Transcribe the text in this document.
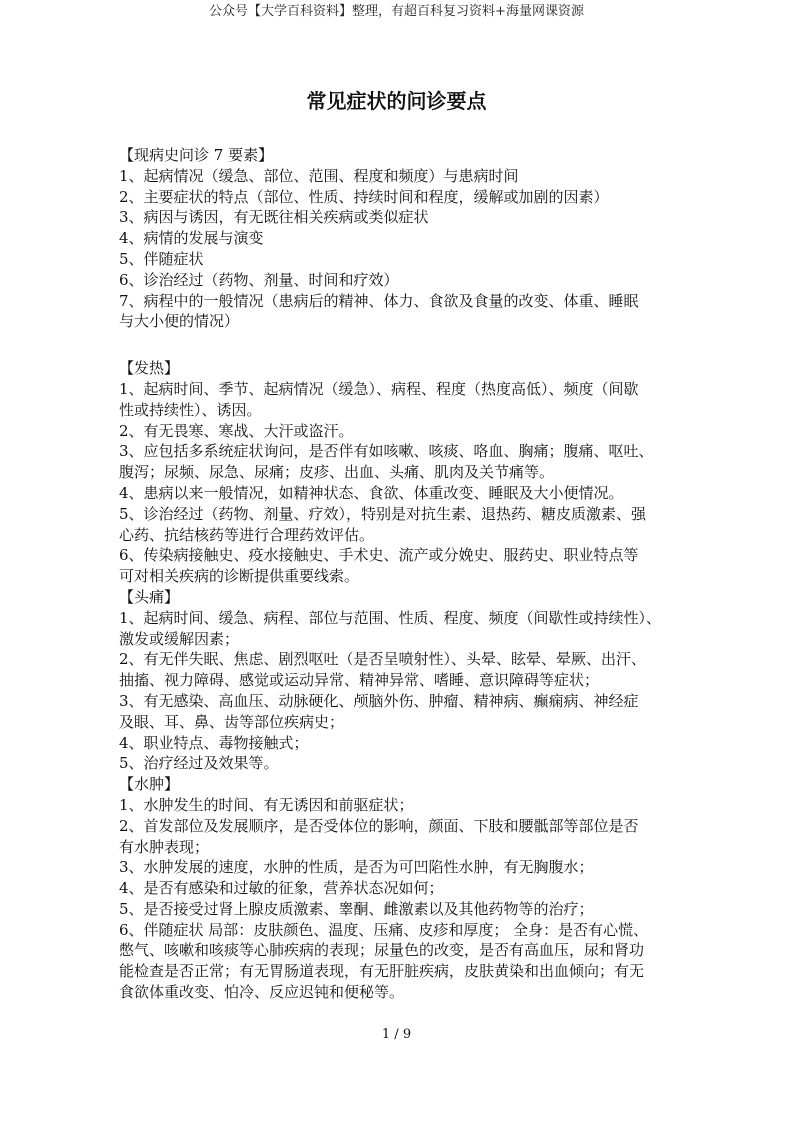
公众号【大学百科资料】整理，有超百科复习资料+海量网课资源
常见症状的问诊要点
【现病史问诊 7 要素】
1、起病情况（缓急、部位、范围、程度和频度）与患病时间
2、主要症状的特点（部位、性质、持续时间和程度，缓解或加剧的因素）
3、病因与诱因，有无既往相关疾病或类似症状
4、病情的发展与演变
5、伴随症状
6、诊治经过（药物、剂量、时间和疗效）
7、病程中的一般情况（患病后的精神、体力、食欲及食量的改变、体重、睡眠
与大小便的情况）
【发热】
1、起病时间、季节、起病情况（缓急）、病程、程度（热度高低）、频度（间歇
性或持续性）、诱因。
2、有无畏寒、寒战、大汗或盗汗。
3、应包括多系统症状询问，是否伴有如咳嗽、咳痰、咯血、胸痛；腹痛、呕吐、
腹泻；尿频、尿急、尿痛；皮疹、出血、头痛、肌肉及关节痛等。
4、患病以来一般情况，如精神状态、食欲、体重改变、睡眠及大小便情况。
5、诊治经过（药物、剂量、疗效），特别是对抗生素、退热药、糖皮质激素、强
心药、抗结核药等进行合理药效评估。
6、传染病接触史、疫水接触史、手术史、流产或分娩史、服药史、职业特点等
可对相关疾病的诊断提供重要线索。
【头痛】
1、起病时间、缓急、病程、部位与范围、性质、程度、频度（间歇性或持续性）、
激发或缓解因素；
2、有无伴失眠、焦虑、剧烈呕吐（是否呈喷射性）、头晕、眩晕、晕厥、出汗、
抽搐、视力障碍、感觉或运动异常、精神异常、嗜睡、意识障碍等症状；
3、有无感染、高血压、动脉硬化、颅脑外伤、肿瘤、精神病、癫痫病、神经症
及眼、耳、鼻、齿等部位疾病史；
4、职业特点、毒物接触式；
5、治疗经过及效果等。
【水肿】
1、水肿发生的时间、有无诱因和前驱症状；
2、首发部位及发展顺序，是否受体位的影响，颜面、下肢和腰骶部等部位是否
有水肿表现；
3、水肿发展的速度，水肿的性质，是否为可凹陷性水肿，有无胸腹水；
4、是否有感染和过敏的征象，营养状态况如何；
5、是否接受过肾上腺皮质激素、睾酮、雌激素以及其他药物等的治疗；
6、伴随症状 局部：皮肤颜色、温度、压痛、皮疹和厚度； 全身：是否有心慌、
憋气、咳嗽和咳痰等心肺疾病的表现；尿量色的改变，是否有高血压，尿和肾功
能检查是否正常；有无胃肠道表现，有无肝脏疾病，皮肤黄染和出血倾向；有无
食欲体重改变、怕冷、反应迟钝和便秘等。
1 / 9
